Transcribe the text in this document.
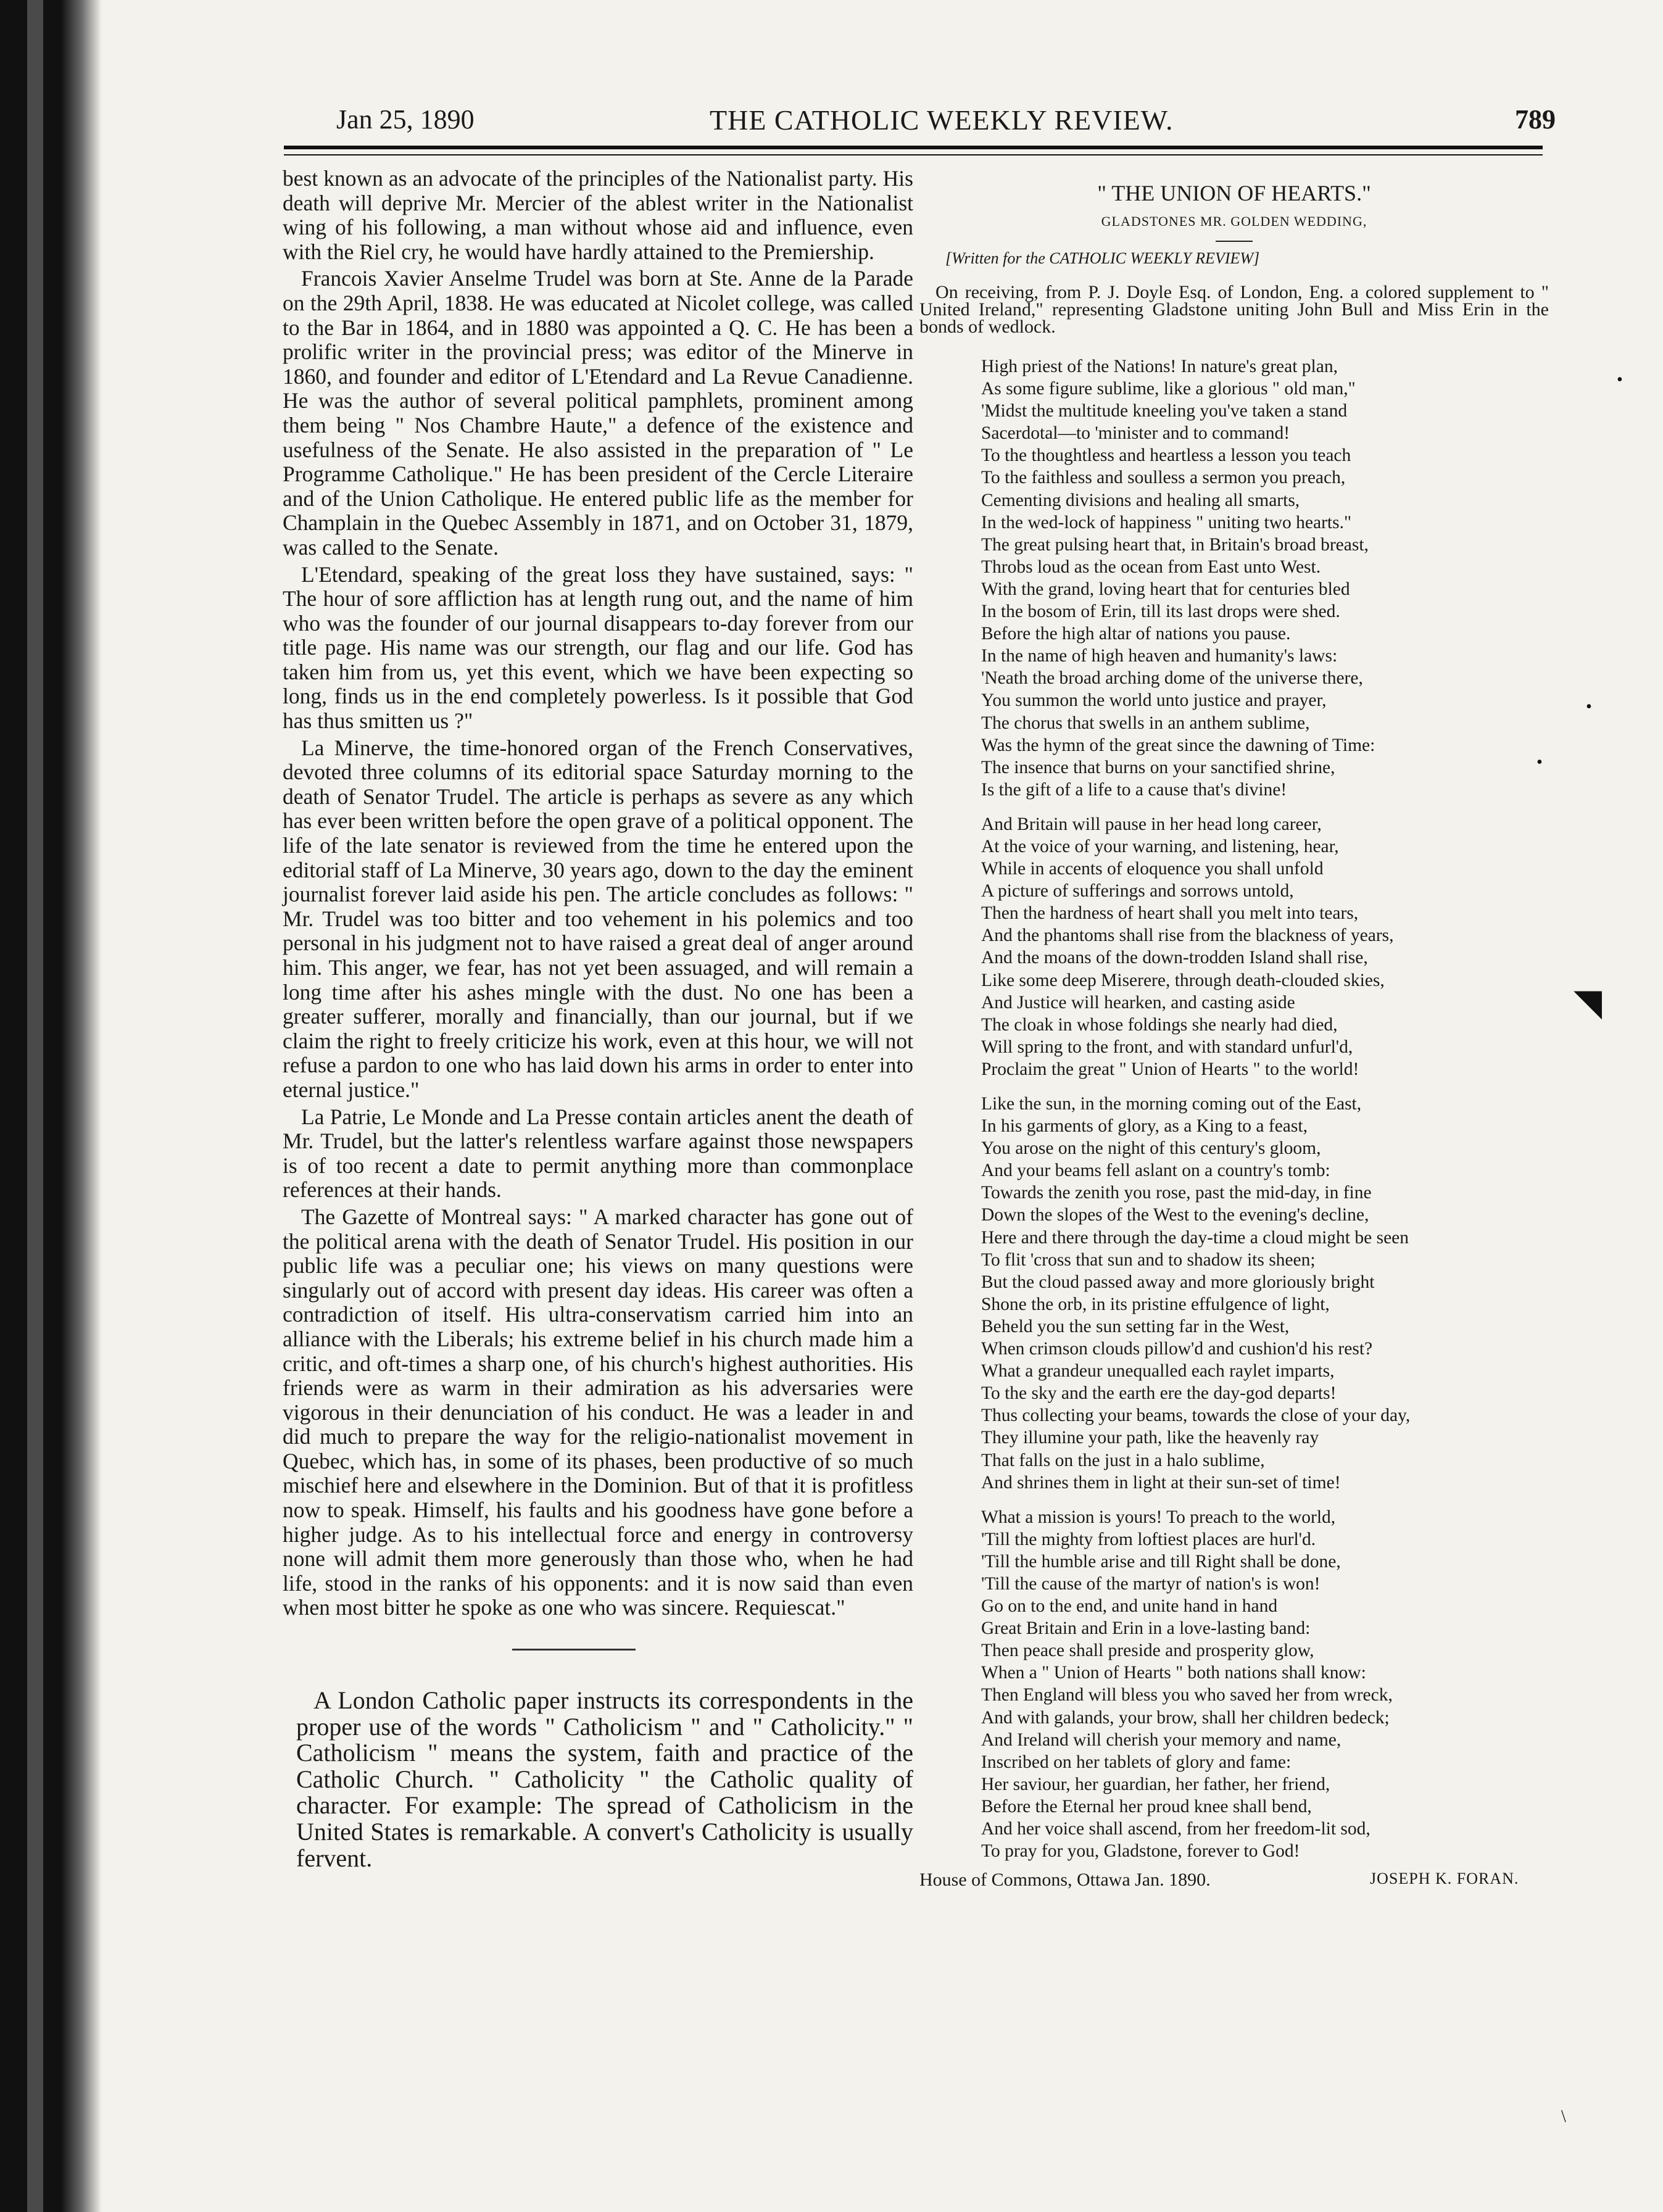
Jan 25, 1890	THE CATHOLIC WEEKLY REVIEW.	789

best known as an advocate of the principles of the Nationalist party. His death will deprive Mr. Mercier of the ablest writer in the Nationalist wing of his following, a man without whose aid and influence, even with the Riel cry, he would have hardly attained to the Premiership.

Francois Xavier Anselme Trudel was born at Ste. Anne de la Parade on the 29th April, 1838. He was educated at Nicolet college, was called to the Bar in 1864, and in 1880 was appointed a Q. C. He has been a prolific writer in the provincial press; was editor of the Minerve in 1860, and founder and editor of L'Etendard and La Revue Canadienne. He was the author of several political pamphlets, prominent among them being " Nos Chambre Haute," a defence of the existence and usefulness of the Senate. He also assisted in the preparation of " Le Programme Catholique." He has been president of the Cercle Literaire and of the Union Catholique. He entered public life as the member for Champlain in the Quebec Assembly in 1871, and on October 31, 1879, was called to the Senate.

L'Etendard, speaking of the great loss they have sustained, says: " The hour of sore affliction has at length rung out, and the name of him who was the founder of our journal disappears to-day forever from our title page. His name was our strength, our flag and our life. God has taken him from us, yet this event, which we have been expecting so long, finds us in the end completely powerless. Is it possible that God has thus smitten us ?"

La Minerve, the time-honored organ of the French Conservatives, devoted three columns of its editorial space Saturday morning to the death of Senator Trudel. The article is perhaps as severe as any which has ever been written before the open grave of a political opponent. The life of the late senator is reviewed from the time he entered upon the editorial staff of La Minerve, 30 years ago, down to the day the eminent journalist forever laid aside his pen. The article concludes as follows: " Mr. Trudel was too bitter and too vehement in his polemics and too personal in his judgment not to have raised a great deal of anger around him. This anger, we fear, has not yet been assuaged, and will remain a long time after his ashes mingle with the dust. No one has been a greater sufferer, morally and financially, than our journal, but if we claim the right to freely criticize his work, even at this hour, we will not refuse a pardon to one who has laid down his arms in order to enter into eternal justice."

La Patrie, Le Monde and La Presse contain articles anent the death of Mr. Trudel, but the latter's relentless warfare against those newspapers is of too recent a date to permit anything more than commonplace references at their hands.

The Gazette of Montreal says: " A marked character has gone out of the political arena with the death of Senator Trudel. His position in our public life was a peculiar one; his views on many questions were singularly out of accord with present day ideas. His career was often a contradiction of itself. His ultra-conservatism carried him into an alliance with the Liberals; his extreme belief in his church made him a critic, and oft-times a sharp one, of his church's highest authorities. His friends were as warm in their admiration as his adversaries were vigorous in their denunciation of his conduct. He was a leader in and did much to prepare the way for the religio-nationalist movement in Quebec, which has, in some of its phases, been productive of so much mischief here and elsewhere in the Dominion. But of that it is profitless now to speak. Himself, his faults and his goodness have gone before a higher judge. As to his intellectual force and energy in controversy none will admit them more generously than those who, when he had life, stood in the ranks of his opponents: and it is now said than even when most bitter he spoke as one who was sincere. Requiescat."

A London Catholic paper instructs its correspondents in the proper use of the words " Catholicism " and " Catholicity." " Catholicism " means the system, faith and practice of the Catholic Church. " Catholicity " the Catholic quality of character. For example: The spread of Catholicism in the United States is remarkable. A convert's Catholicity is usually fervent.

" THE UNION OF HEARTS."
GLADSTONES MR. GOLDEN WEDDING,
[Written for the CATHOLIC WEEKLY REVIEW]

On receiving, from P. J. Doyle Esq. of London, Eng. a colored supplement to " United Ireland," representing Gladstone uniting John Bull and Miss Erin in the bonds of wedlock.

High priest of the Nations! In nature's great plan,
As some figure sublime, like a glorious " old man,"
'Midst the multitude kneeling you've taken a stand
Sacerdotal—to 'minister and to command!
To the thoughtless and heartless a lesson you teach
To the faithless and soulless a sermon you preach,
Cementing divisions and healing all smarts,
In the wed-lock of happiness " uniting two hearts."
The great pulsing heart that, in Britain's broad breast,
Throbs loud as the ocean from East unto West.
With the grand, loving heart that for centuries bled
In the bosom of Erin, till its last drops were shed.
Before the high altar of nations you pause.
In the name of high heaven and humanity's laws:
'Neath the broad arching dome of the universe there,
You summon the world unto justice and prayer,
The chorus that swells in an anthem sublime,
Was the hymn of the great since the dawning of Time:
The insence that burns on your sanctified shrine,
Is the gift of a life to a cause that's divine!
And Britain will pause in her head long career,
At the voice of your warning, and listening, hear,
While in accents of eloquence you shall unfold
A picture of sufferings and sorrows untold,
Then the hardness of heart shall you melt into tears,
And the phantoms shall rise from the blackness of years,
And the moans of the down-trodden Island shall rise,
Like some deep Miserere, through death-clouded skies,
And Justice will hearken, and casting aside
The cloak in whose foldings she nearly had died,
Will spring to the front, and with standard unfurl'd,
Proclaim the great " Union of Hearts " to the world!
Like the sun, in the morning coming out of the East,
In his garments of glory, as a King to a feast,
You arose on the night of this century's gloom,
And your beams fell aslant on a country's tomb:
Towards the zenith you rose, past the mid-day, in fine
Down the slopes of the West to the evening's decline,
Here and there through the day-time a cloud might be seen
To flit 'cross that sun and to shadow its sheen;
But the cloud passed away and more gloriously bright
Shone the orb, in its pristine effulgence of light,
Beheld you the sun setting far in the West,
When crimson clouds pillow'd and cushion'd his rest?
What a grandeur unequalled each raylet imparts,
To the sky and the earth ere the day-god departs!
Thus collecting your beams, towards the close of your day,
They illumine your path, like the heavenly ray
That falls on the just in a halo sublime,
And shrines them in light at their sun-set of time!
What a mission is yours! To preach to the world,
'Till the mighty from loftiest places are hurl'd.
'Till the humble arise and till Right shall be done,
'Till the cause of the martyr of nation's is won!
Go on to the end, and unite hand in hand
Great Britain and Erin in a love-lasting band:
Then peace shall preside and prosperity glow,
When a " Union of Hearts " both nations shall know:
Then England will bless you who saved her from wreck,
And with galands, your brow, shall her children bedeck;
And Ireland will cherish your memory and name,
Inscribed on her tablets of glory and fame:
Her saviour, her guardian, her father, her friend,
Before the Eternal her proud knee shall bend,
And her voice shall ascend, from her freedom-lit sod,
To pray for you, Gladstone, forever to God!
House of Commons, Ottawa Jan. 1890.	JOSEPH K. FORAN.
•
•
•
◥
\
